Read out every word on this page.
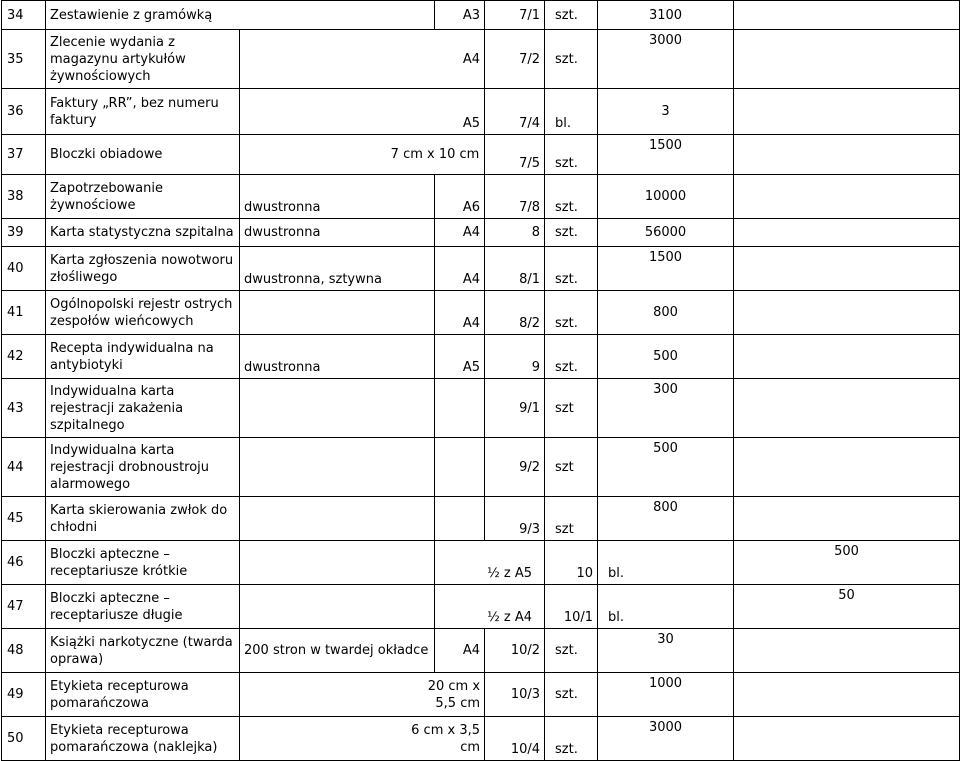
34	Zestawienie z gramówką		A3	7/1	szt.	3100	
35	Zlecenie wydania z magazynu artykułów żywnościowych	A4		7/2	szt.	3000	
36	Faktury „RR”, bez numeru faktury	A5		7/4	bl.	3	
37	Bloczki obiadowe	7 cm x 10 cm		7/5	szt.	1500	
38	Zapotrzebowanie żywnościowe	dwustronna	A6	7/8	szt.	10000	
39	Karta statystyczna szpitalna	dwustronna	A4	8	szt.	56000	
40	Karta zgłoszenia nowotworu złośliwego	dwustronna, sztywna	A4	8/1	szt.	1500	
41	Ogólnopolski rejestr ostrych zespołów wieńcowych		A4	8/2	szt.	800	
42	Recepta indywidualna na antybiotyki	dwustronna	A5	9	szt.	500	
43	Indywidualna karta rejestracji zakażenia szpitalnego			9/1	szt	300	
44	Indywidualna karta rejestracji drobnoustroju alarmowego			9/2	szt	500	
45	Karta skierowania zwłok do chłodni			9/3	szt	800	
46	Bloczki apteczne – receptariusze krótkie		½ z A5		10	bl.	500
47	Bloczki apteczne – receptariusze długie		½ z A4		10/1	bl.	50
48	Książki narkotyczne (twarda oprawa)	200 stron w twardej okładce	A4	10/2	szt.	30	
49	Etykieta recepturowa pomarańczowa	20 cm x 5,5 cm		10/3	szt.	1000	
50	Etykieta recepturowa pomarańczowa (naklejka)	6 cm x 3,5 cm		10/4	szt.	3000	
